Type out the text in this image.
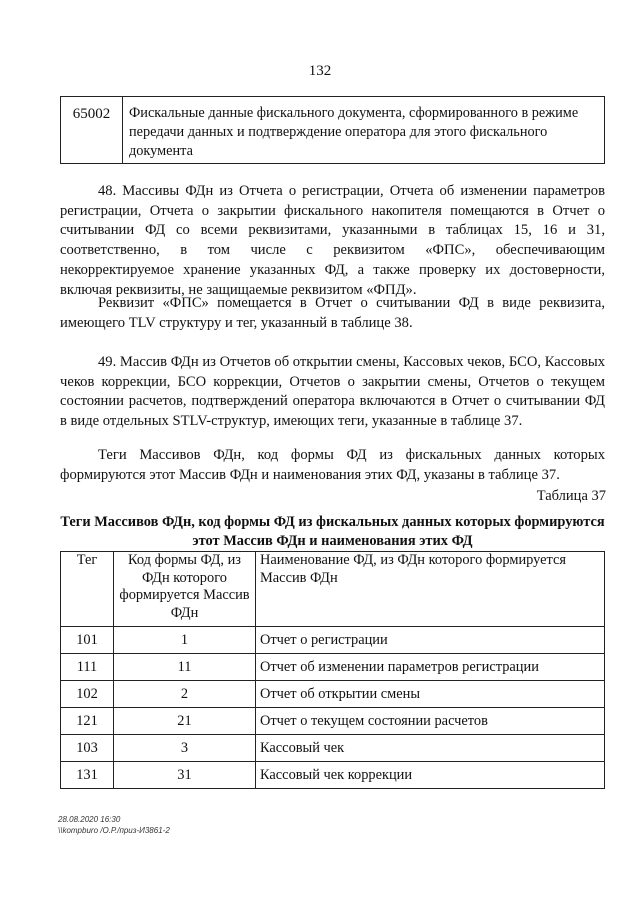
132
65002	Фискальные данные фискального документа, сформированного в режиме передачи данных и подтверждение оператора для этого фискального документа

48. Массивы ФДн из Отчета о регистрации, Отчета об изменении параметров регистрации, Отчета о закрытии фискального накопителя помещаются в Отчет о считывании ФД со всеми реквизитами, указанными в таблицах 15, 16 и 31, соответственно, в том числе с реквизитом «ФПС», обеспечивающим некорректируемое хранение указанных ФД, а также проверку их достоверности, включая реквизиты, не защищаемые реквизитом «ФПД».

Реквизит «ФПС» помещается в Отчет о считывании ФД в виде реквизита, имеющего TLV структуру и тег, указанный в таблице 38.

49. Массив ФДн из Отчетов об открытии смены, Кассовых чеков, БСО, Кассовых чеков коррекции, БСО коррекции, Отчетов о закрытии смены, Отчетов о текущем состоянии расчетов, подтверждений оператора включаются в Отчет о считывании ФД в виде отдельных STLV-структур, имеющих теги, указанные в таблице 37.

Теги Массивов ФДн, код формы ФД из фискальных данных которых формируются этот Массив ФДн и наименования этих ФД, указаны в таблице 37.

Таблица 37
Теги Массивов ФДн, код формы ФД из фискальных данных которых формируются этот Массив ФДн и наименования этих ФД
Тег	Код формы ФД, из ФДн которого формируется Массив ФДн	Наименование ФД, из ФДн которого формируется Массив ФДн
101	1	Отчет о регистрации
111	11	Отчет об изменении параметров регистрации
102	2	Отчет об открытии смены
121	21	Отчет о текущем состоянии расчетов
103	3	Кассовый чек
131	31	Кассовый чек коррекции
28.08.2020 16:30
\\kompburo /О.Р./приз-И3861-2
